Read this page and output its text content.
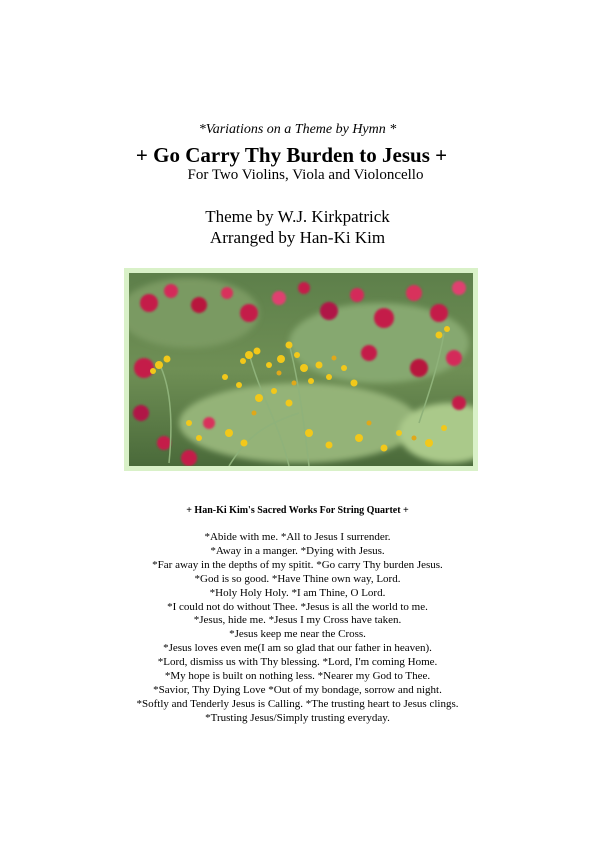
*Variations on a Theme by Hymn *
+ Go Carry Thy Burden to Jesus +
For Two Violins, Viola and Violoncello
Theme by W.J. Kirkpatrick
Arranged by Han-Ki Kim
+ Han-Ki Kim's Sacred Works For String Quartet +
*Abide with me. *All to Jesus I surrender.
*Away in a manger. *Dying with Jesus.
*Far away in the depths of my spitit. *Go carry Thy burden Jesus.
*God is so good. *Have Thine own way, Lord.
*Holy Holy Holy. *I am Thine, O Lord.
*I could not do without Thee. *Jesus is all the world to me.
*Jesus, hide me. *Jesus I my Cross have taken.
*Jesus keep me near the Cross.
*Jesus loves even me(I am so glad that our father in heaven).
*Lord, dismiss us with Thy blessing. *Lord, I'm coming Home.
*My hope is built on nothing less. *Nearer my God to Thee.
*Savior, Thy Dying Love *Out of my bondage, sorrow and night.
*Softly and Tenderly Jesus is Calling. *The trusting heart to Jesus clings.
*Trusting Jesus/Simply trusting everyday.
